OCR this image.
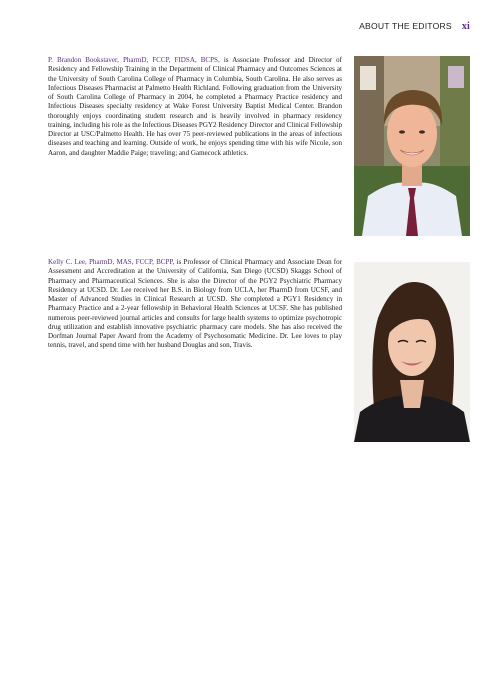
ABOUT THE EDITORS xi
P. Brandon Bookstaver, PharmD, FCCP, FIDSA, BCPS, is Associate Professor and Director of Residency and Fellowship Training in the Department of Clinical Pharmacy and Outcomes Sciences at the University of South Carolina College of Pharmacy in Columbia, South Carolina. He also serves as Infectious Diseases Pharmacist at Palmetto Health Richland. Following graduation from the University of South Carolina College of Pharmacy in 2004, he completed a Pharmacy Practice residency and Infectious Diseases specialty residency at Wake Forest University Baptist Medical Center. Brandon thoroughly enjoys coordinating student research and is heavily involved in pharmacy residency training, including his role as the Infectious Diseases PGY2 Residency Director and Clinical Fellowship Director at USC/Palmetto Health. He has over 75 peer-reviewed publications in the areas of infectious diseases and teaching and learning. Outside of work, he enjoys spending time with his wife Nicole, son Aaron, and daughter Maddie Paige; traveling; and Gamecock athletics.
Kelly C. Lee, PharmD, MAS, FCCP, BCPP, is Professor of Clinical Pharmacy and Associate Dean for Assessment and Accreditation at the University of California, San Diego (UCSD) Skaggs School of Pharmacy and Pharmaceutical Sciences. She is also the Director of the PGY2 Psychiatric Pharmacy Residency at UCSD. Dr. Lee received her B.S. in Biology from UCLA, her PharmD from UCSF, and Master of Advanced Studies in Clinical Research at UCSD. She completed a PGY1 Residency in Pharmacy Practice and a 2-year fellowship in Behavioral Health Sciences at UCSF. She has published numerous peer-reviewed journal articles and consults for large health systems to optimize psychotropic drug utilization and establish innovative psychiatric pharmacy care models. She has also received the Dorfman Journal Paper Award from the Academy of Psychosomatic Medicine. Dr. Lee loves to play tennis, travel, and spend time with her husband Douglas and son, Travis.
